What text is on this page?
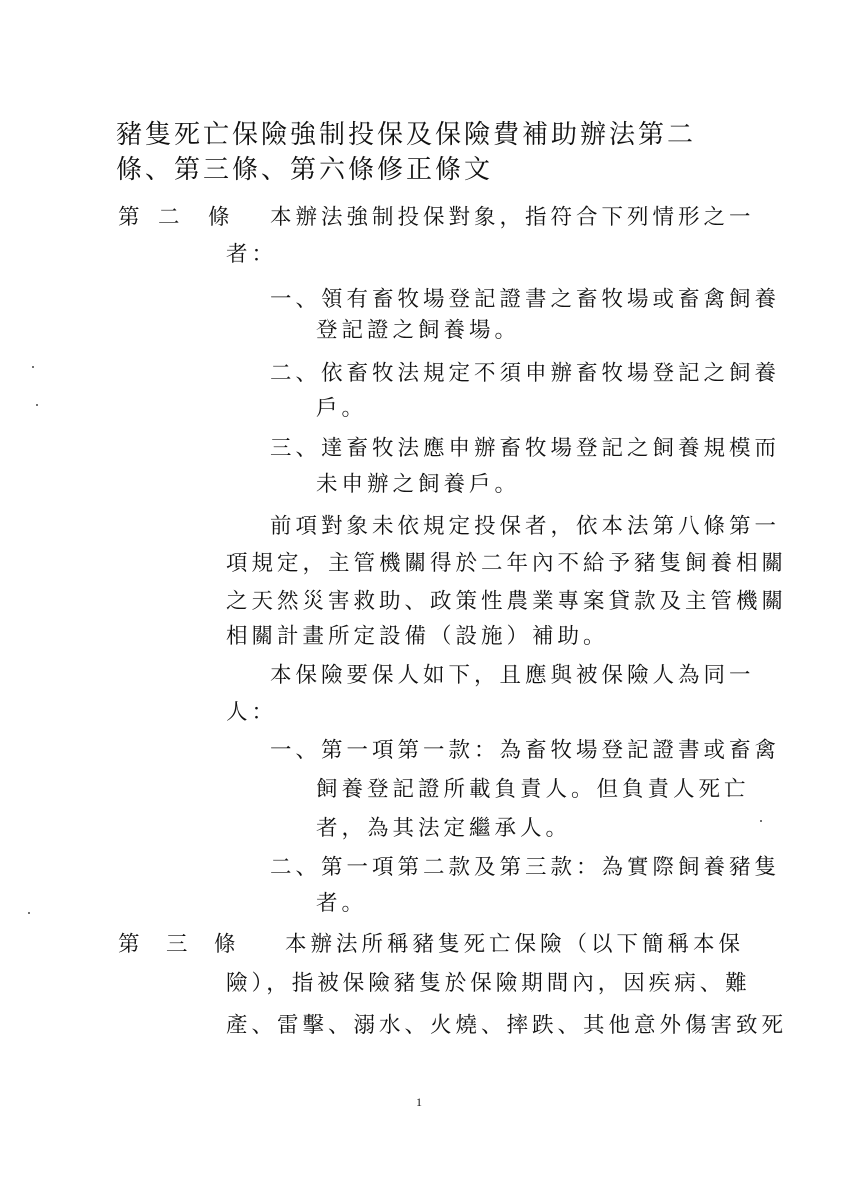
豬隻死亡保險強制投保及保險費補助辦法第二

條、第三條、第六條修正條文

第 二 條 本辦法強制投保對象，指符合下列情形之一

者：

一、領有畜牧場登記證書之畜牧場或畜禽飼養

登記證之飼養場。

二、依畜牧法規定不須申辦畜牧場登記之飼養

戶。

三、達畜牧法應申辦畜牧場登記之飼養規模而

未申辦之飼養戶。

前項對象未依規定投保者，依本法第八條第一

項規定，主管機關得於二年內不給予豬隻飼養相關

之天然災害救助、政策性農業專案貸款及主管機關

相關計畫所定設備（設施）補助。

本保險要保人如下，且應與被保險人為同一

人：

一、第一項第一款：為畜牧場登記證書或畜禽

飼養登記證所載負責人。但負責人死亡

者，為其法定繼承人。

二、第一項第二款及第三款：為實際飼養豬隻

者。

第 三 條 本辦法所稱豬隻死亡保險（以下簡稱本保

險），指被保險豬隻於保險期間內，因疾病、難

產、雷擊、溺水、火燒、摔跌、其他意外傷害致死

1
